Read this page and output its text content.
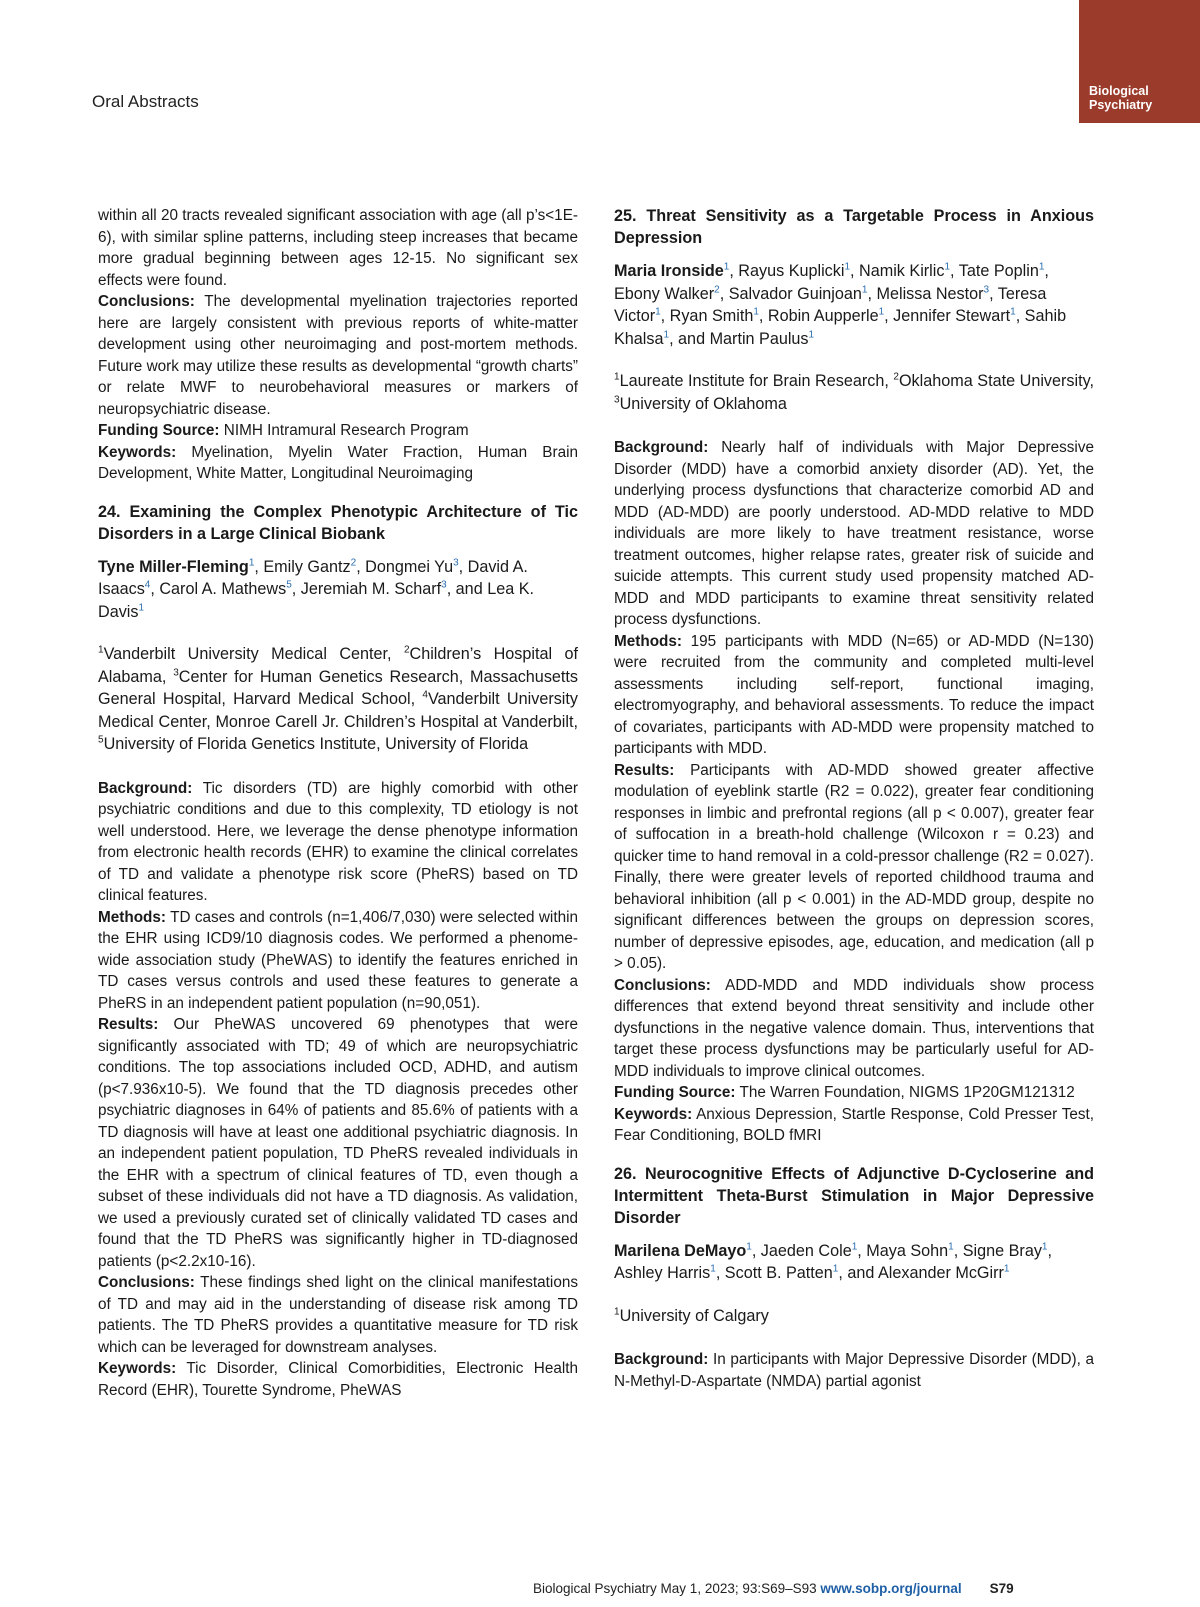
Oral Abstracts
Biological
Psychiatry

within all 20 tracts revealed significant association with age (all p’s<1E-6), with similar spline patterns, including steep increases that became more gradual beginning between ages 12-15. No significant sex effects were found.

Conclusions: The developmental myelination trajectories reported here are largely consistent with previous reports of white-matter development using other neuroimaging and post-mortem methods. Future work may utilize these results as developmental “growth charts” or relate MWF to neurobehavioral measures or markers of neuropsychiatric disease.

Funding Source: NIMH Intramural Research Program

Keywords: Myelination, Myelin Water Fraction, Human Brain Development, White Matter, Longitudinal Neuroimaging

24. Examining the Complex Phenotypic Architecture of Tic Disorders in a Large Clinical Biobank

Tyne Miller-Fleming$^1$, Emily Gantz$^2$, Dongmei Yu$^3$, David A. Isaacs$^4$, Carol A. Mathews$^5$, Jeremiah M. Scharf$^3$, and Lea K. Davis$^1$

$^1$Vanderbilt University Medical Center, $^2$Children’s Hospital of Alabama, $^3$Center for Human Genetics Research, Massachusetts General Hospital, Harvard Medical School, $^4$Vanderbilt University Medical Center, Monroe Carell Jr. Children’s Hospital at Vanderbilt, $^5$University of Florida Genetics Institute, University of Florida

Background: Tic disorders (TD) are highly comorbid with other psychiatric conditions and due to this complexity, TD etiology is not well understood. Here, we leverage the dense phenotype information from electronic health records (EHR) to examine the clinical correlates of TD and validate a phenotype risk score (PheRS) based on TD clinical features.

Methods: TD cases and controls (n=1,406/7,030) were selected within the EHR using ICD9/10 diagnosis codes. We performed a phenome-wide association study (PheWAS) to identify the features enriched in TD cases versus controls and used these features to generate a PheRS in an independent patient population (n=90,051).

Results: Our PheWAS uncovered 69 phenotypes that were significantly associated with TD; 49 of which are neuropsychiatric conditions. The top associations included OCD, ADHD, and autism (p<7.936x10-5). We found that the TD diagnosis precedes other psychiatric diagnoses in 64% of patients and 85.6% of patients with a TD diagnosis will have at least one additional psychiatric diagnosis. In an independent patient population, TD PheRS revealed individuals in the EHR with a spectrum of clinical features of TD, even though a subset of these individuals did not have a TD diagnosis. As validation, we used a previously curated set of clinically validated TD cases and found that the TD PheRS was significantly higher in TD-diagnosed patients (p<2.2x10-16).

Conclusions: These findings shed light on the clinical manifestations of TD and may aid in the understanding of disease risk among TD patients. The TD PheRS provides a quantitative measure for TD risk which can be leveraged for downstream analyses.

Keywords: Tic Disorder, Clinical Comorbidities, Electronic Health Record (EHR), Tourette Syndrome, PheWAS

25. Threat Sensitivity as a Targetable Process in Anxious Depression

Maria Ironside$^1$, Rayus Kuplicki$^1$, Namik Kirlic$^1$, Tate Poplin$^1$, Ebony Walker$^2$, Salvador Guinjoan$^1$, Melissa Nestor$^3$, Teresa Victor$^1$, Ryan Smith$^1$, Robin Aupperle$^1$, Jennifer Stewart$^1$, Sahib Khalsa$^1$, and Martin Paulus$^1$

$^1$Laureate Institute for Brain Research, $^2$Oklahoma State University, $^3$University of Oklahoma

Background: Nearly half of individuals with Major Depressive Disorder (MDD) have a comorbid anxiety disorder (AD). Yet, the underlying process dysfunctions that characterize comorbid AD and MDD (AD-MDD) are poorly understood. AD-MDD relative to MDD individuals are more likely to have treatment resistance, worse treatment outcomes, higher relapse rates, greater risk of suicide and suicide attempts. This current study used propensity matched AD-MDD and MDD participants to examine threat sensitivity related process dysfunctions.

Methods: 195 participants with MDD (N=65) or AD-MDD (N=130) were recruited from the community and completed multi-level assessments including self-report, functional imaging, electromyography, and behavioral assessments. To reduce the impact of covariates, participants with AD-MDD were propensity matched to participants with MDD.

Results: Participants with AD-MDD showed greater affective modulation of eyeblink startle (R2 = 0.022), greater fear conditioning responses in limbic and prefrontal regions (all p < 0.007), greater fear of suffocation in a breath-hold challenge (Wilcoxon r = 0.23) and quicker time to hand removal in a cold-pressor challenge (R2 = 0.027). Finally, there were greater levels of reported childhood trauma and behavioral inhibition (all p < 0.001) in the AD-MDD group, despite no significant differences between the groups on depression scores, number of depressive episodes, age, education, and medication (all p > 0.05).

Conclusions: ADD-MDD and MDD individuals show process differences that extend beyond threat sensitivity and include other dysfunctions in the negative valence domain. Thus, interventions that target these process dysfunctions may be particularly useful for AD-MDD individuals to improve clinical outcomes.

Funding Source: The Warren Foundation, NIGMS 1P20GM121312

Keywords: Anxious Depression, Startle Response, Cold Presser Test, Fear Conditioning, BOLD fMRI

26. Neurocognitive Effects of Adjunctive D-Cycloserine and Intermittent Theta-Burst Stimulation in Major Depressive Disorder

Marilena DeMayo$^1$, Jaeden Cole$^1$, Maya Sohn$^1$, Signe Bray$^1$, Ashley Harris$^1$, Scott B. Patten$^1$, and Alexander McGirr$^1$

$^1$University of Calgary

Background: In participants with Major Depressive Disorder (MDD), a N-Methyl-D-Aspartate (NMDA) partial agonist

Biological Psychiatry May 1, 2023; 93:S69–S93 www.sobp.org/journal S79
